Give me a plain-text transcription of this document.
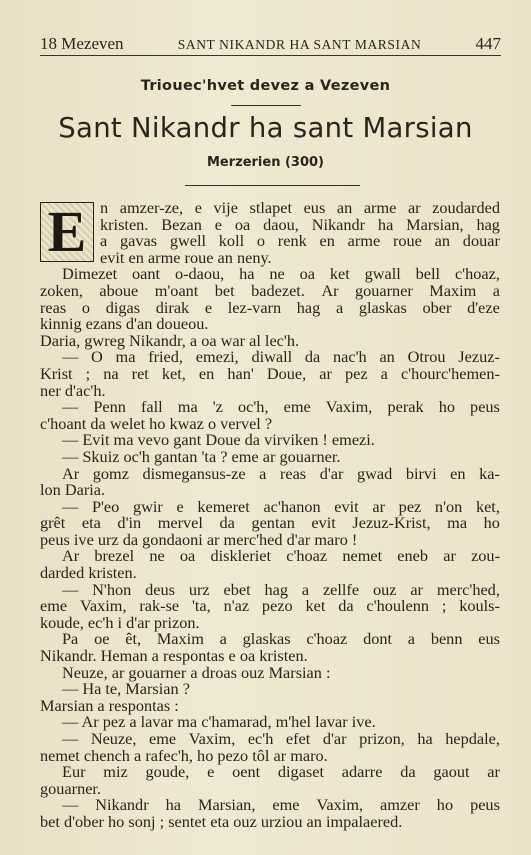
18 Mezeven	SANT NIKANDR HA SANT MARSIAN	447
Triouec'hvet devez a Vezeven
Sant Nikandr ha sant Marsian
Merzerien (300)
E n amzer-ze, e vije stlapet eus an arme ar zoudarded
kristen. Bezan e oa daou, Nikandr ha Marsian, hag
a gavas gwell koll o renk en arme roue an douar
evit en arme roue an neny.
Dimezet oant o-daou, ha ne oa ket gwall bell c'hoaz,
zoken, aboue m'oant bet badezet. Ar gouarner Maxim a
reas o digas dirak e lez-varn hag a glaskas ober d'eze
kinnig ezans d'an doueou.
Daria, gwreg Nikandr, a oa war al lec'h.
— O ma fried, emezi, diwall da nac'h an Otrou Jezuz-
Krist ; na ret ket, en han' Doue, ar pez a c'hourc'hemen-
ner d'ac'h.
— Penn fall ma 'z oc'h, eme Vaxim, perak ho peus
c'hoant da welet ho kwaz o vervel ?
— Evit ma vevo gant Doue da virviken ! emezi.
— Skuiz oc'h gantan 'ta ? eme ar gouarner.
Ar gomz dismegansus-ze a reas d'ar gwad birvi en ka-
lon Daria.
— P'eo gwir e kemeret ac'hanon evit ar pez n'on ket,
grêt eta d'in mervel da gentan evit Jezuz-Krist, ma ho
peus ive urz da gondaoni ar merc'hed d'ar maro !
Ar brezel ne oa diskleriet c'hoaz nemet eneb ar zou-
darded kristen.
— N'hon deus urz ebet hag a zellfe ouz ar merc'hed,
eme Vaxim, rak-se 'ta, n'az pezo ket da c'houlenn ; kouls-
koude, ec'h i d'ar prizon.
Pa oe êt, Maxim a glaskas c'hoaz dont a benn eus
Nikandr. Heman a respontas e oa kristen.
Neuze, ar gouarner a droas ouz Marsian :
— Ha te, Marsian ?
Marsian a respontas :
— Ar pez a lavar ma c'hamarad, m'hel lavar ive.
— Neuze, eme Vaxim, ec'h efet d'ar prizon, ha hepdale,
nemet chench a rafec'h, ho pezo tôl ar maro.
Eur miz goude, e oent digaset adarre da gaout ar
gouarner.
— Nikandr ha Marsian, eme Vaxim, amzer ho peus
bet d'ober ho sonj ; sentet eta ouz urziou an impalaered.
